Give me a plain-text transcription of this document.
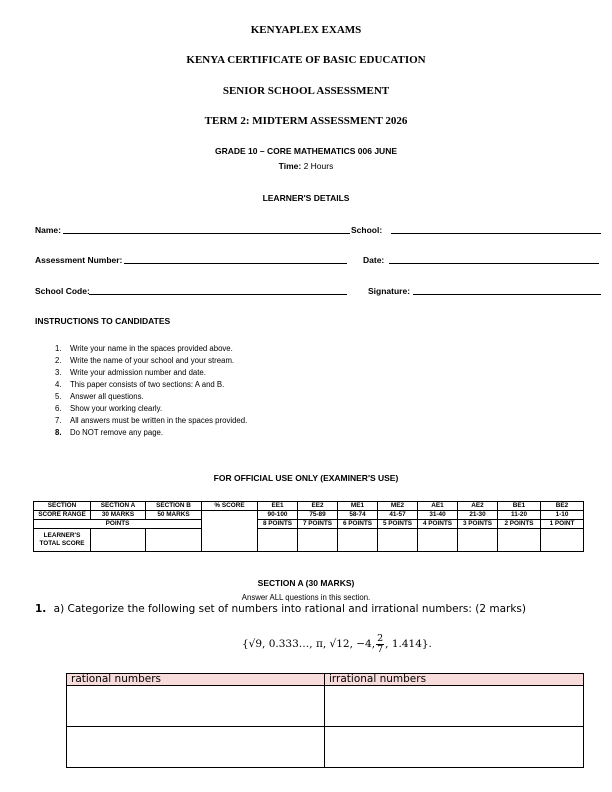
KENYAPLEX EXAMS
KENYA CERTIFICATE OF BASIC EDUCATION
SENIOR SCHOOL ASSESSMENT
TERM 2: MIDTERM ASSESSMENT 2026
GRADE 10 – CORE MATHEMATICS 006 JUNE
Time: 2 Hours
LEARNER'S DETAILS
Name:	School:
Assessment Number:	Date:
School Code:	Signature:
INSTRUCTIONS TO CANDIDATES
1. Write your name in the spaces provided above.
2. Write the name of your school and your stream.
3. Write your admission number and date.
4. This paper consists of two sections: A and B.
5. Answer all questions.
6. Show your working clearly.
7. All answers must be written in the spaces provided.
8. Do NOT remove any page.
FOR OFFICIAL USE ONLY (EXAMINER'S USE)
SECTION	SECTION A	SECTION B	% SCORE	EE1	EE2	ME1	ME2	AE1	AE2	BE1	BE2
SCORE RANGE	30 MARKS	50 MARKS		90-100	75-89	58-74	41-57	31-40	21-30	11-20	1-10
POINTS				8 POINTS	7 POINTS	6 POINTS	5 POINTS	4 POINTS	3 POINTS	2 POINTS	1 POINT
LEARNER'S TOTAL SCORE											
SECTION A (30 MARKS)
Answer ALL questions in this section.
1. a) Categorize the following set of numbers into rational and irrational numbers: (2 marks)
{√9, 0.333…, π, √12, −4, $\frac{2}{7}$ , 1.414}.
rational numbers	irrational numbers
